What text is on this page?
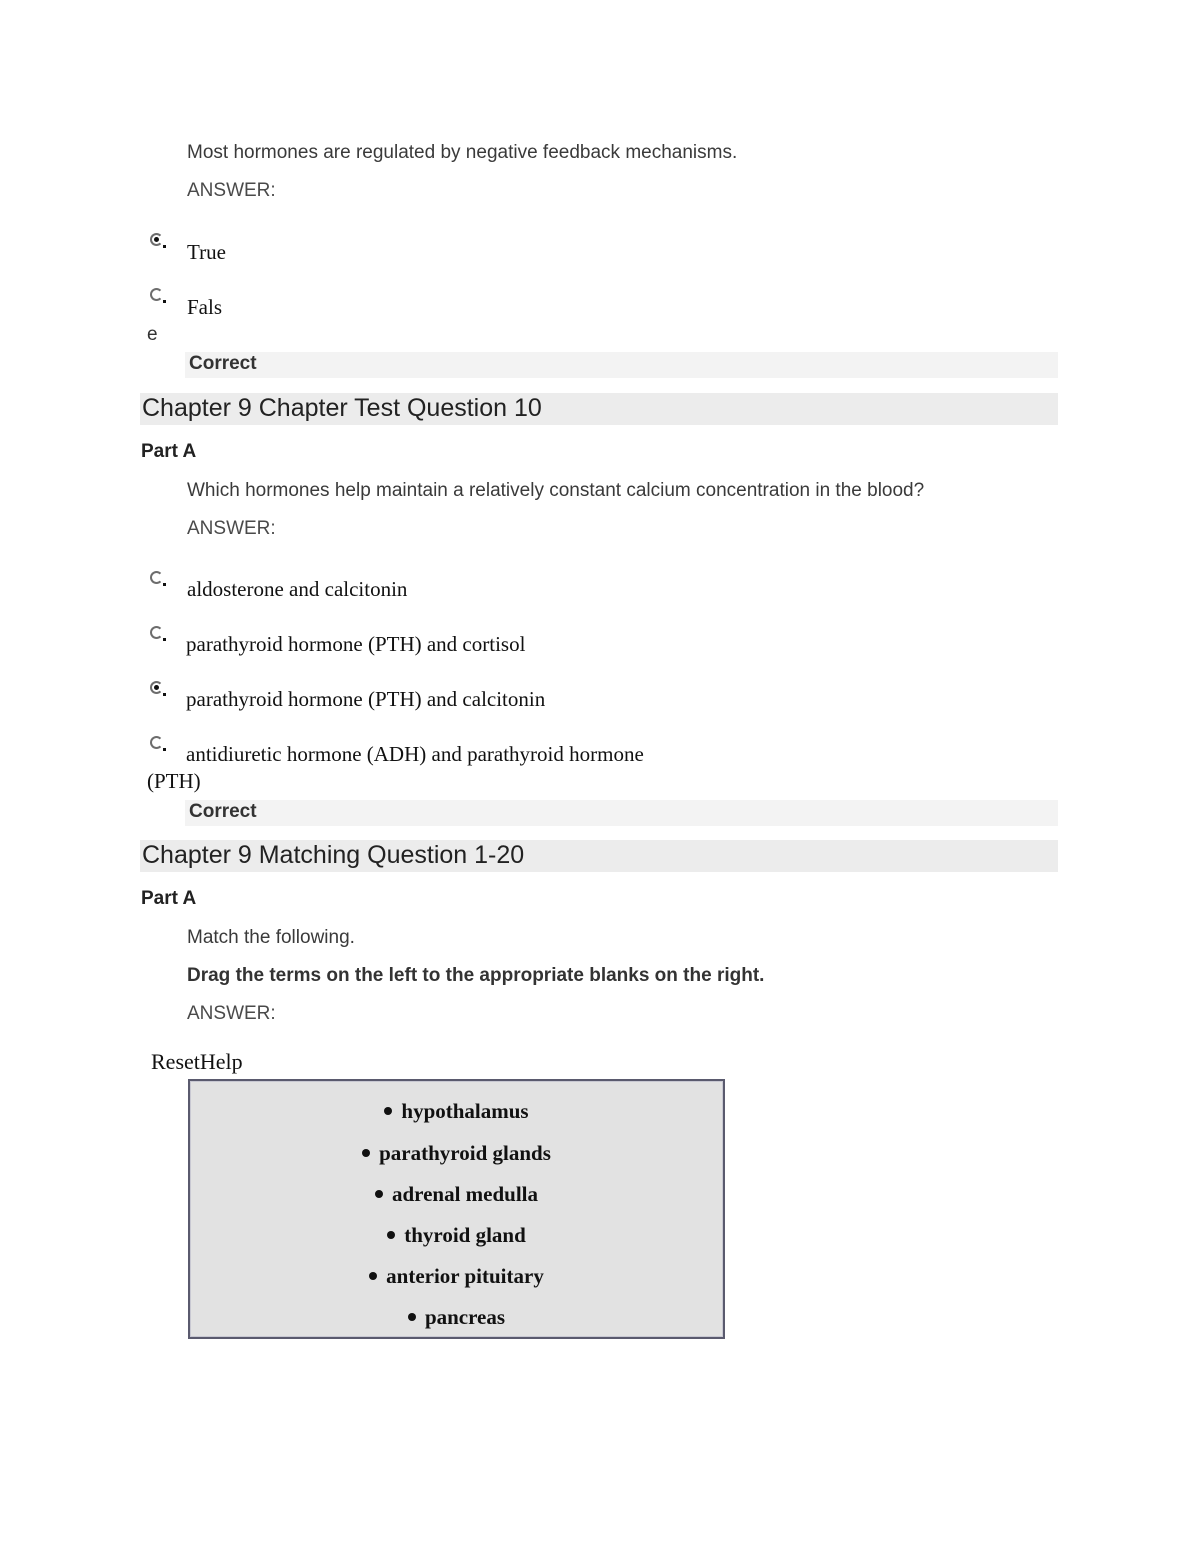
Most hormones are regulated by negative feedback mechanisms.
ANSWER:
True
Fals
e
Correct
Chapter 9 Chapter Test Question 10
Part A
Which hormones help maintain a relatively constant calcium concentration in the blood?
ANSWER:
aldosterone and calcitonin
parathyroid hormone (PTH) and cortisol
parathyroid hormone (PTH) and calcitonin
antidiuretic hormone (ADH) and parathyroid hormone
(PTH)
Correct
Chapter 9 Matching Question 1-20
Part A
Match the following.
Drag the terms on the left to the appropriate blanks on the right.
ANSWER:
ResetHelp
hypothalamus
parathyroid glands
adrenal medulla
thyroid gland
anterior pituitary
pancreas
